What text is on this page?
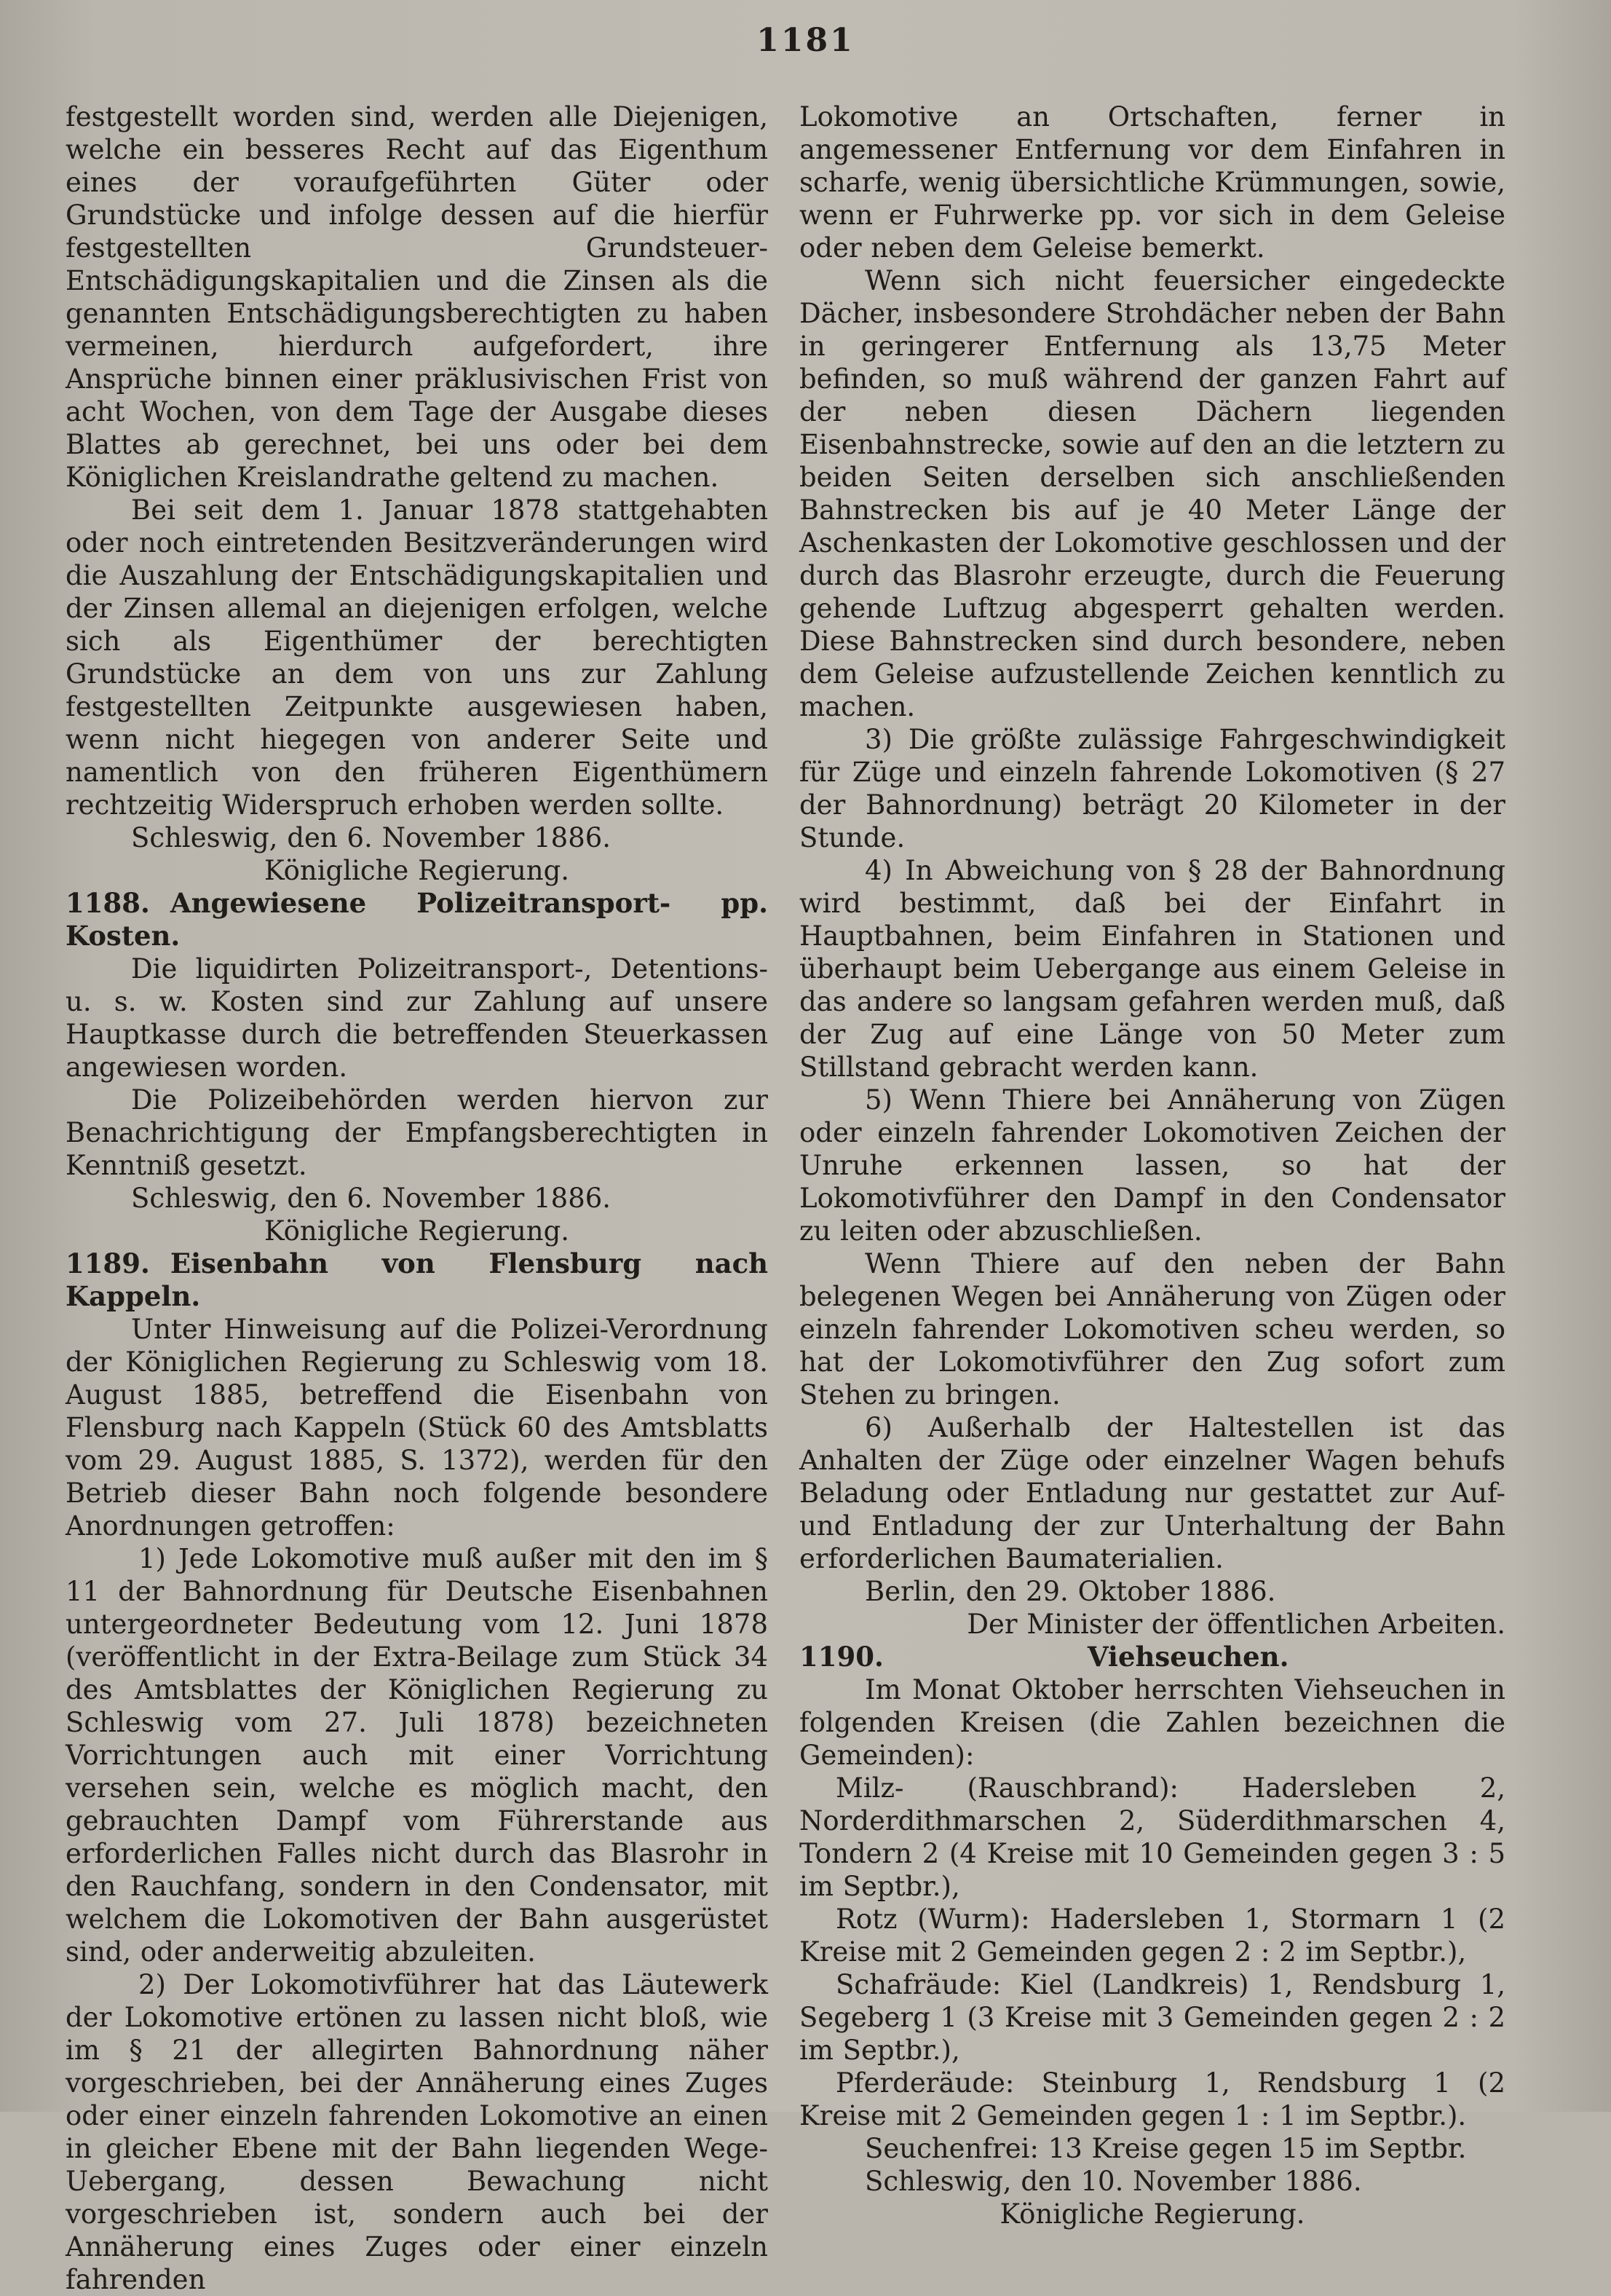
1181

festgestellt worden sind, werden alle Diejenigen, welche ein besseres Recht auf das Eigenthum eines der voraufgeführten Güter oder Grundstücke und infolge dessen auf die hierfür festgestellten Grundsteuer-Entschädigungskapitalien und die Zinsen als die genannten Entschädigungsberechtigten zu haben vermeinen, hierdurch aufgefordert, ihre Ansprüche binnen einer präklusivischen Frist von acht Wochen, von dem Tage der Ausgabe dieses Blattes ab gerechnet, bei uns oder bei dem Königlichen Kreislandrathe geltend zu machen.

Bei seit dem 1. Januar 1878 stattgehabten oder noch eintretenden Besitzveränderungen wird die Auszahlung der Entschädigungskapitalien und der Zinsen allemal an diejenigen erfolgen, welche sich als Eigenthümer der berechtigten Grundstücke an dem von uns zur Zahlung festgestellten Zeitpunkte ausgewiesen haben, wenn nicht hiegegen von anderer Seite und namentlich von den früheren Eigenthümern rechtzeitig Widerspruch erhoben werden sollte.

Schleswig, den 6. November 1886.

Königliche Regierung.

1188. Angewiesene Polizeitransport- pp. Kosten.

Die liquidirten Polizeitransport-, Detentions- u. s. w. Kosten sind zur Zahlung auf unsere Hauptkasse durch die betreffenden Steuerkassen angewiesen worden.

Die Polizeibehörden werden hiervon zur Benachrichtigung der Empfangsberechtigten in Kenntniß gesetzt.

Schleswig, den 6. November 1886.

Königliche Regierung.

1189. Eisenbahn von Flensburg nach Kappeln.

Unter Hinweisung auf die Polizei-Verordnung der Königlichen Regierung zu Schleswig vom 18. August 1885, betreffend die Eisenbahn von Flensburg nach Kappeln (Stück 60 des Amtsblatts vom 29. August 1885, S. 1372), werden für den Betrieb dieser Bahn noch folgende besondere Anordnungen getroffen:

1) Jede Lokomotive muß außer mit den im § 11 der Bahnordnung für Deutsche Eisenbahnen untergeordneter Bedeutung vom 12. Juni 1878 (veröffentlicht in der Extra-Beilage zum Stück 34 des Amtsblattes der Königlichen Regierung zu Schleswig vom 27. Juli 1878) bezeichneten Vorrichtungen auch mit einer Vorrichtung versehen sein, welche es möglich macht, den gebrauchten Dampf vom Führerstande aus erforderlichen Falles nicht durch das Blasrohr in den Rauchfang, sondern in den Condensator, mit welchem die Lokomotiven der Bahn ausgerüstet sind, oder anderweitig abzuleiten.

2) Der Lokomotivführer hat das Läutewerk der Lokomotive ertönen zu lassen nicht bloß, wie im § 21 der allegirten Bahnordnung näher vorgeschrieben, bei der Annäherung eines Zuges oder einer einzeln fahrenden Lokomotive an einen in gleicher Ebene mit der Bahn liegenden Wege-Uebergang, dessen Bewachung nicht vorgeschrieben ist, sondern auch bei der Annäherung eines Zuges oder einer einzeln fahrenden

Lokomotive an Ortschaften, ferner in angemessener Entfernung vor dem Einfahren in scharfe, wenig übersichtliche Krümmungen, sowie, wenn er Fuhrwerke pp. vor sich in dem Geleise oder neben dem Geleise bemerkt.

Wenn sich nicht feuersicher eingedeckte Dächer, insbesondere Strohdächer neben der Bahn in geringerer Entfernung als 13,75 Meter befinden, so muß während der ganzen Fahrt auf der neben diesen Dächern liegenden Eisenbahnstrecke, sowie auf den an die letztern zu beiden Seiten derselben sich anschließenden Bahnstrecken bis auf je 40 Meter Länge der Aschenkasten der Lokomotive geschlossen und der durch das Blasrohr erzeugte, durch die Feuerung gehende Luftzug abgesperrt gehalten werden. Diese Bahnstrecken sind durch besondere, neben dem Geleise aufzustellende Zeichen kenntlich zu machen.

3) Die größte zulässige Fahrgeschwindigkeit für Züge und einzeln fahrende Lokomotiven (§ 27 der Bahnordnung) beträgt 20 Kilometer in der Stunde.

4) In Abweichung von § 28 der Bahnordnung wird bestimmt, daß bei der Einfahrt in Hauptbahnen, beim Einfahren in Stationen und überhaupt beim Uebergange aus einem Geleise in das andere so langsam gefahren werden muß, daß der Zug auf eine Länge von 50 Meter zum Stillstand gebracht werden kann.

5) Wenn Thiere bei Annäherung von Zügen oder einzeln fahrender Lokomotiven Zeichen der Unruhe erkennen lassen, so hat der Lokomotivführer den Dampf in den Condensator zu leiten oder abzuschließen.

Wenn Thiere auf den neben der Bahn belegenen Wegen bei Annäherung von Zügen oder einzeln fahrender Lokomotiven scheu werden, so hat der Lokomotivführer den Zug sofort zum Stehen zu bringen.

6) Außerhalb der Haltestellen ist das Anhalten der Züge oder einzelner Wagen behufs Beladung oder Entladung nur gestattet zur Auf- und Entladung der zur Unterhaltung der Bahn erforderlichen Baumaterialien.

Berlin, den 29. Oktober 1886.

Der Minister der öffentlichen Arbeiten.

1190.	Viehseuchen.

Im Monat Oktober herrschten Viehseuchen in folgenden Kreisen (die Zahlen bezeichnen die Gemeinden):

Milz- (Rauschbrand): Hadersleben 2, Norderdithmarschen 2, Süderdithmarschen 4, Tondern 2 (4 Kreise mit 10 Gemeinden gegen 3 : 5 im Septbr.),

Rotz (Wurm): Hadersleben 1, Stormarn 1 (2 Kreise mit 2 Gemeinden gegen 2 : 2 im Septbr.),

Schafräude: Kiel (Landkreis) 1, Rendsburg 1, Segeberg 1 (3 Kreise mit 3 Gemeinden gegen 2 : 2 im Septbr.),

Pferderäude: Steinburg 1, Rendsburg 1 (2 Kreise mit 2 Gemeinden gegen 1 : 1 im Septbr.).

Seuchenfrei: 13 Kreise gegen 15 im Septbr.

Schleswig, den 10. November 1886.

Königliche Regierung.
